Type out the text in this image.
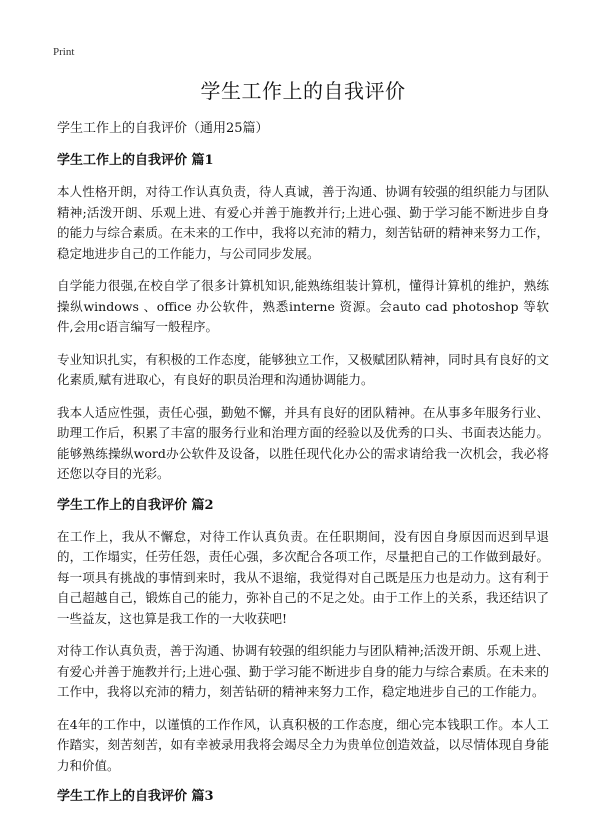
Print
学生工作上的自我评价

学生工作上的自我评价（通用25篇）

学生工作上的自我评价 篇1

本人性格开朗，对待工作认真负责，待人真诚，善于沟通、协调有较强的组织能力与团队精神;活泼开朗、乐观上进、有爱心并善于施教并行;上进心强、勤于学习能不断进步自身的能力与综合素质。在未来的工作中，我将以充沛的精力，刻苦钻研的精神来努力工作，稳定地进步自己的工作能力，与公司同步发展。

自学能力很强,在校自学了很多计算机知识,能熟练组装计算机，懂得计算机的维护，熟练操纵windows 、office 办公软件，熟悉interne 资源。会auto cad photoshop 等软件,会用c语言编写一般程序。

专业知识扎实，有积极的工作态度，能够独立工作，又极赋团队精神，同时具有良好的文化素质,赋有进取心，有良好的职员治理和沟通协调能力。

我本人适应性强，责任心强，勤勉不懈，并具有良好的团队精神。在从事多年服务行业、助理工作后，积累了丰富的服务行业和治理方面的经验以及优秀的口头、书面表达能力。能够熟练操纵word办公软件及设备，以胜任现代化办公的需求请给我一次机会，我必将还您以夺目的光彩。

学生工作上的自我评价 篇2

在工作上，我从不懈怠，对待工作认真负责。在任职期间，没有因自身原因而迟到早退的，工作塌实，任劳任怨，责任心强，多次配合各项工作，尽量把自己的工作做到最好。每一项具有挑战的事情到来时，我从不退缩，我觉得对自己既是压力也是动力。这有利于自己超越自己，锻炼自己的能力，弥补自己的不足之处。由于工作上的关系，我还结识了一些益友，这也算是我工作的一大收获吧!

对待工作认真负责，善于沟通、协调有较强的组织能力与团队精神;活泼开朗、乐观上进、有爱心并善于施教并行;上进心强、勤于学习能不断进步自身的能力与综合素质。在未来的工作中，我将以充沛的精力，刻苦钻研的精神来努力工作，稳定地进步自己的工作能力。

在4年的工作中，以谨慎的工作作风，认真积极的工作态度，细心完本钱职工作。本人工作踏实，刻苦刻苦，如有幸被录用我将会竭尽全力为贵单位创造效益，以尽情体现自身能力和价值。

学生工作上的自我评价 篇3
